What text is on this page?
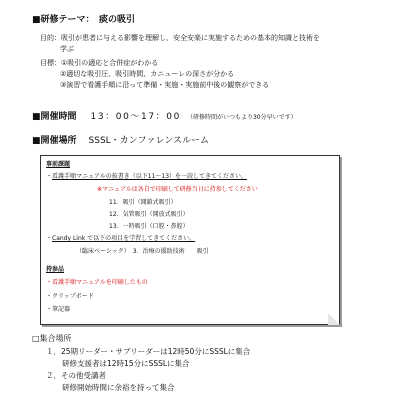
■研修テーマ：　痰の吸引
目的：吸引が患者に与える影響を理解し、安全安楽に実施するための基本的知識と技術を
学ぶ
目標：①吸引の適応と合併症がわかる
②適切な吸引圧、吸引時間、カニューレの深さが分かる
③演習で看護手順に沿って準備・実施・実施前中後の観察ができる
■開催時間 13：00～17：00 （研修時間がいつもより30分早いです）
■開催場所 SSSL・カンファレンスルーム
事前課題
・看護手順マニュアルの抜書き（以下11～13）を一読してきてください。
※マニュアルは各自で印刷して研修当日に持参してください
11．吸引（開鎖式吸引）
12．気管吸引（開放式吸引）
13．一時吸引（口腔・鼻腔）
・Candy Link で以下の項目を学習してきてください。
（臨床ベーシック）　3．治療の援助技術　　吸引
持参品
・看護手順マニュアルを印刷したもの
・クリップボード
・筆記器
□集合場所
１．25期リーダー・サブリーダーは12時50分にSSSLに集合
研修支援者は12時15分にSSSLに集合
２．その他受講者
研修開始時間に余裕を持って集合
